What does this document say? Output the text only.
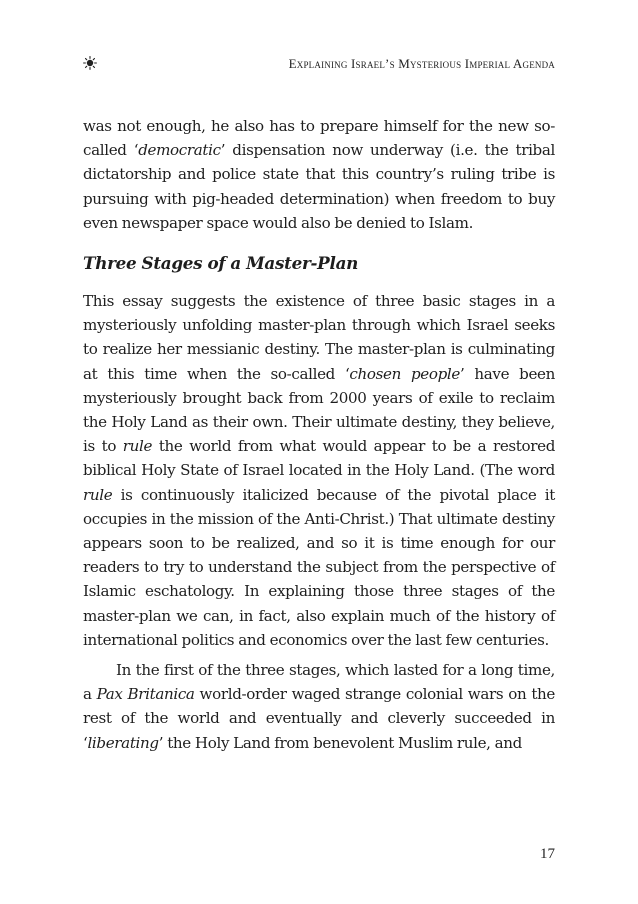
Explaining Israel’s Mysterious Imperial Agenda

was not enough, he also has to prepare himself for the new so-called ‘democratic’ dispensation now underway (i.e. the tribal dictatorship and police state that this country’s ruling tribe is pursuing with pig-headed determination) when freedom to buy even newspaper space would also be denied to Islam.

Three Stages of a Master-Plan

This essay suggests the existence of three basic stages in a mysteriously unfolding master-plan through which Israel seeks to realize her messianic destiny. The master-plan is culminating at this time when the so-called ‘chosen people’ have been mysteriously brought back from 2000 years of exile to reclaim the Holy Land as their own. Their ultimate destiny, they believe, is to rule the world from what would appear to be a restored biblical Holy State of Israel located in the Holy Land. (The word rule is continuously italicized because of the pivotal place it occupies in the mission of the Anti-Christ.) That ultimate destiny appears soon to be realized, and so it is time enough for our readers to try to understand the subject from the perspective of Islamic eschatology. In explaining those three stages of the master-plan we can, in fact, also explain much of the history of international politics and economics over the last few centuries.

In the first of the three stages, which lasted for a long time, a Pax Britanica world-order waged strange colonial wars on the rest of the world and eventually and cleverly succeeded in ‘liberating’ the Holy Land from benevolent Muslim rule, and

17
